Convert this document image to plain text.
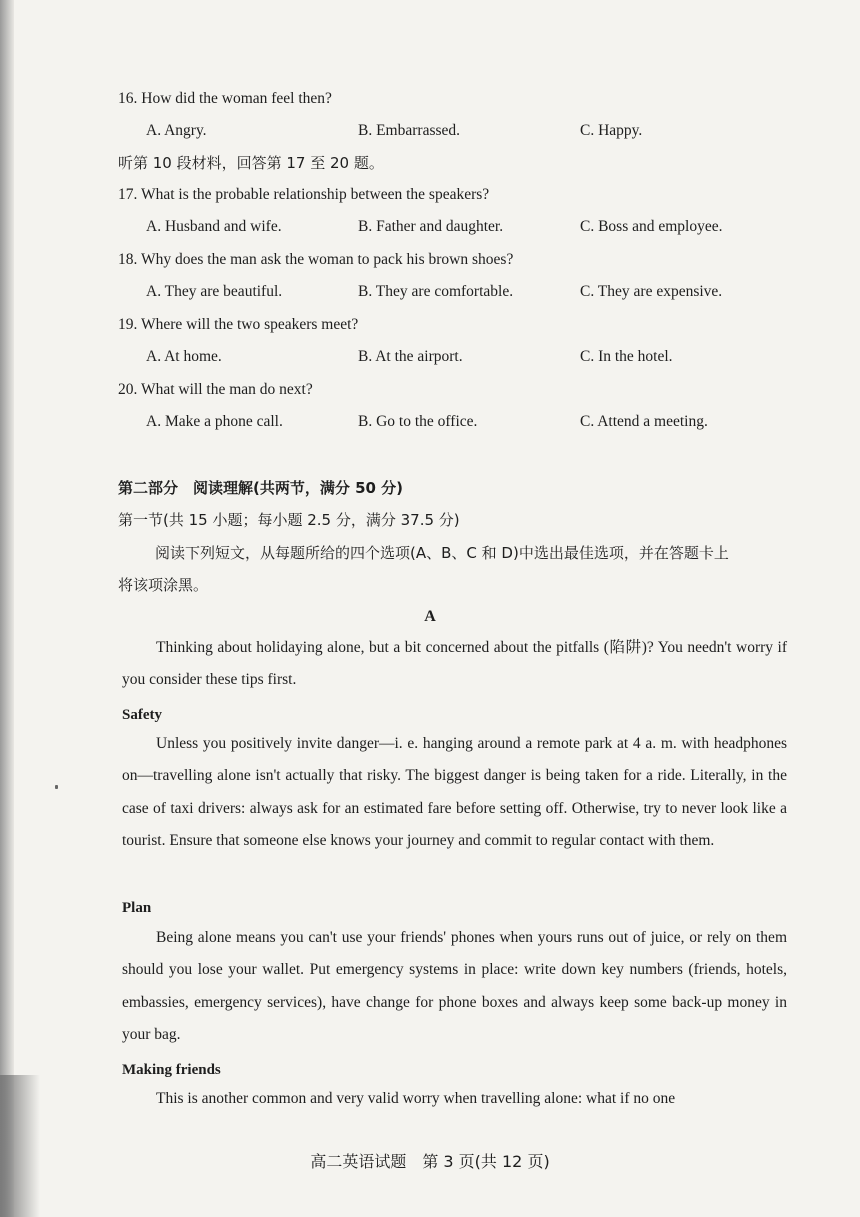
16. How did the woman feel then?
A. Angry.	B. Embarrassed.	C. Happy.
听第 10 段材料，回答第 17 至 20 题。
17. What is the probable relationship between the speakers?
A. Husband and wife.	B. Father and daughter.	C. Boss and employee.
18. Why does the man ask the woman to pack his brown shoes?
A. They are beautiful.	B. They are comfortable.	C. They are expensive.
19. Where will the two speakers meet?
A. At home.	B. At the airport.	C. In the hotel.
20. What will the man do next?
A. Make a phone call.	B. Go to the office.	C. Attend a meeting.
第二部分　阅读理解(共两节，满分 50 分)
第一节(共 15 小题；每小题 2.5 分，满分 37.5 分)
阅读下列短文，从每题所给的四个选项(A、B、C 和 D)中选出最佳选项，并在答题卡上
将该项涂黑。
A
Thinking about holidaying alone, but a bit concerned about the pitfalls (陷阱)? You needn't worry if you consider these tips first.
Safety
Unless you positively invite danger—i. e. hanging around a remote park at 4 a. m. with headphones on—travelling alone isn't actually that risky. The biggest danger is being taken for a ride. Literally, in the case of taxi drivers: always ask for an estimated fare before setting off. Otherwise, try to never look like a tourist. Ensure that someone else knows your journey and commit to regular contact with them.
Plan
Being alone means you can't use your friends' phones when yours runs out of juice, or rely on them should you lose your wallet. Put emergency systems in place: write down key numbers (friends, hotels, embassies, emergency services), have change for phone boxes and always keep some back-up money in your bag.
Making friends
This is another common and very valid worry when travelling alone: what if no one
高二英语试题　第 3 页(共 12 页)
